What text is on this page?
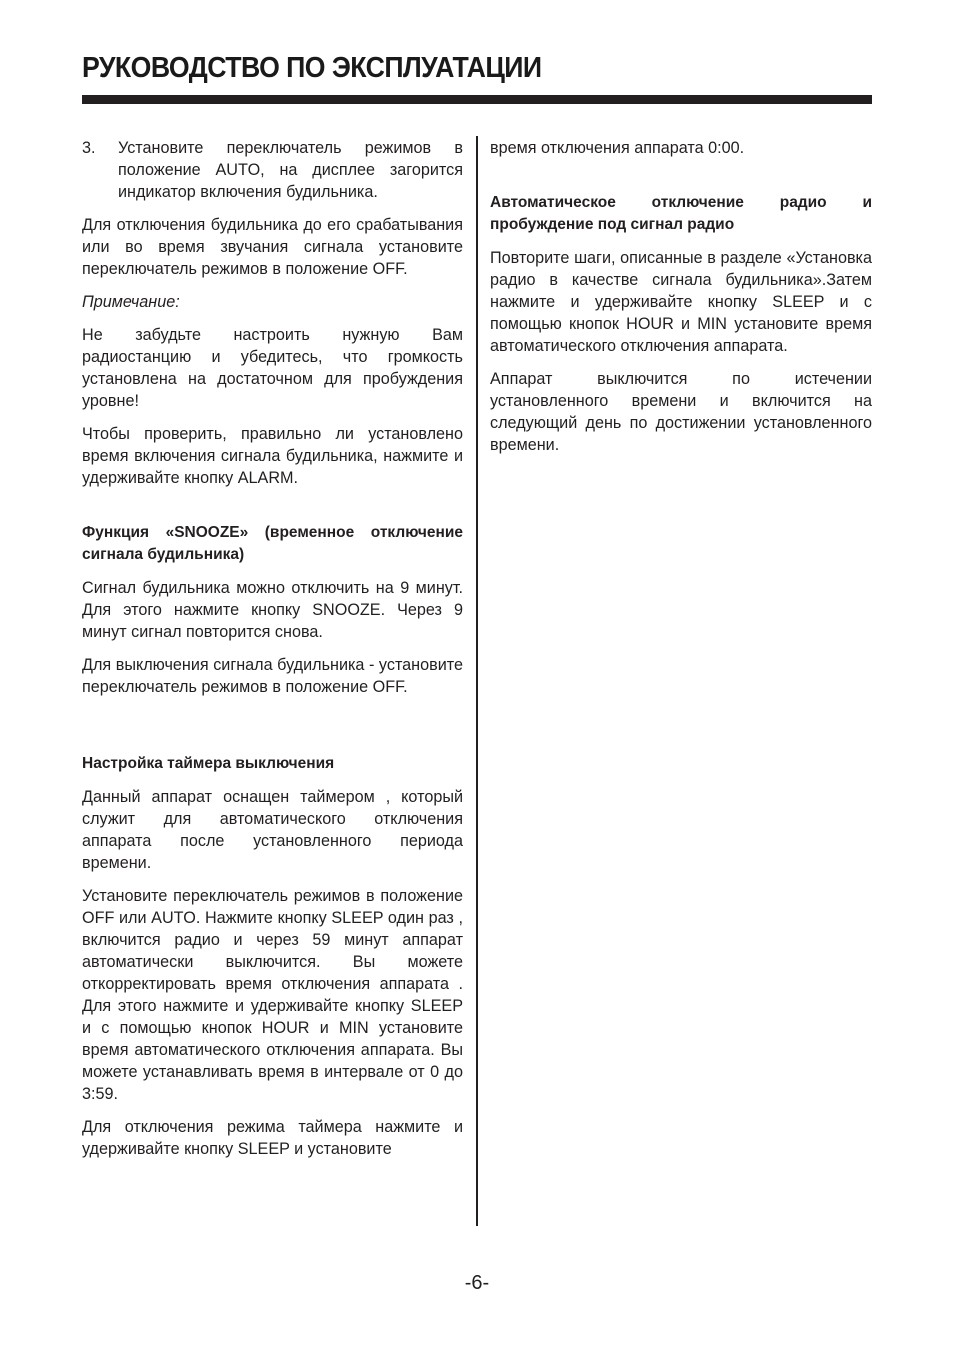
РУКОВОДСТВО ПО ЭКСПЛУАТАЦИИ
3.	Установите переключатель режимов в положение AUTO, на дисплее загорится индикатор включения будильника.

Для отключения будильника до его срабатывания или во время звучания сигнала установите переключатель режимов в положение OFF.

Примечание:

Не забудьте настроить нужную Вам радиостанцию и убедитесь, что громкость установлена на достаточном для пробуждения уровне!

Чтобы проверить, правильно ли установлено время включения сигнала будильника, нажмите и удерживайте кнопку ALARM.

Функция «SNOOZE» (временное отключение сигнала будильника)

Сигнал будильника можно отключить на 9 минут. Для этого нажмите кнопку SNOOZE. Через 9 минут сигнал повторится снова.

Для выключения сигнала будильника - установите переключатель режимов в положение OFF.

Настройка таймера выключения

Данный аппарат оснащен таймером , который служит для автоматического отключения аппарата после установленного периода времени.

Установите переключатель режимов в положение OFF или AUTO. Нажмите кнопку SLEEP один раз , включится радио и через 59 минут аппарат автоматически выключится. Вы можете откорректировать время отключения аппарата . Для этого нажмите и удерживайте кнопку SLEEP и с помощью кнопок HOUR и MIN установите время автоматического отключения аппарата. Вы можете устанавливать время в интервале от 0 до 3:59.

Для отключения режима таймера нажмите и удерживайте кнопку SLEEP и установите

время отключения аппарата 0:00.

Автоматическое отключение радио и пробуждение под сигнал радио

Повторите шаги, описанные в разделе «Установка радио в качестве сигнала будильника».Затем нажмите и удерживайте кнопку SLEEP и с помощью кнопок HOUR и MIN установите время автоматического отключения аппарата.

Аппарат выключится по истечении установленного времени и включится на следующий день по достижении установленного времени.

-6-
